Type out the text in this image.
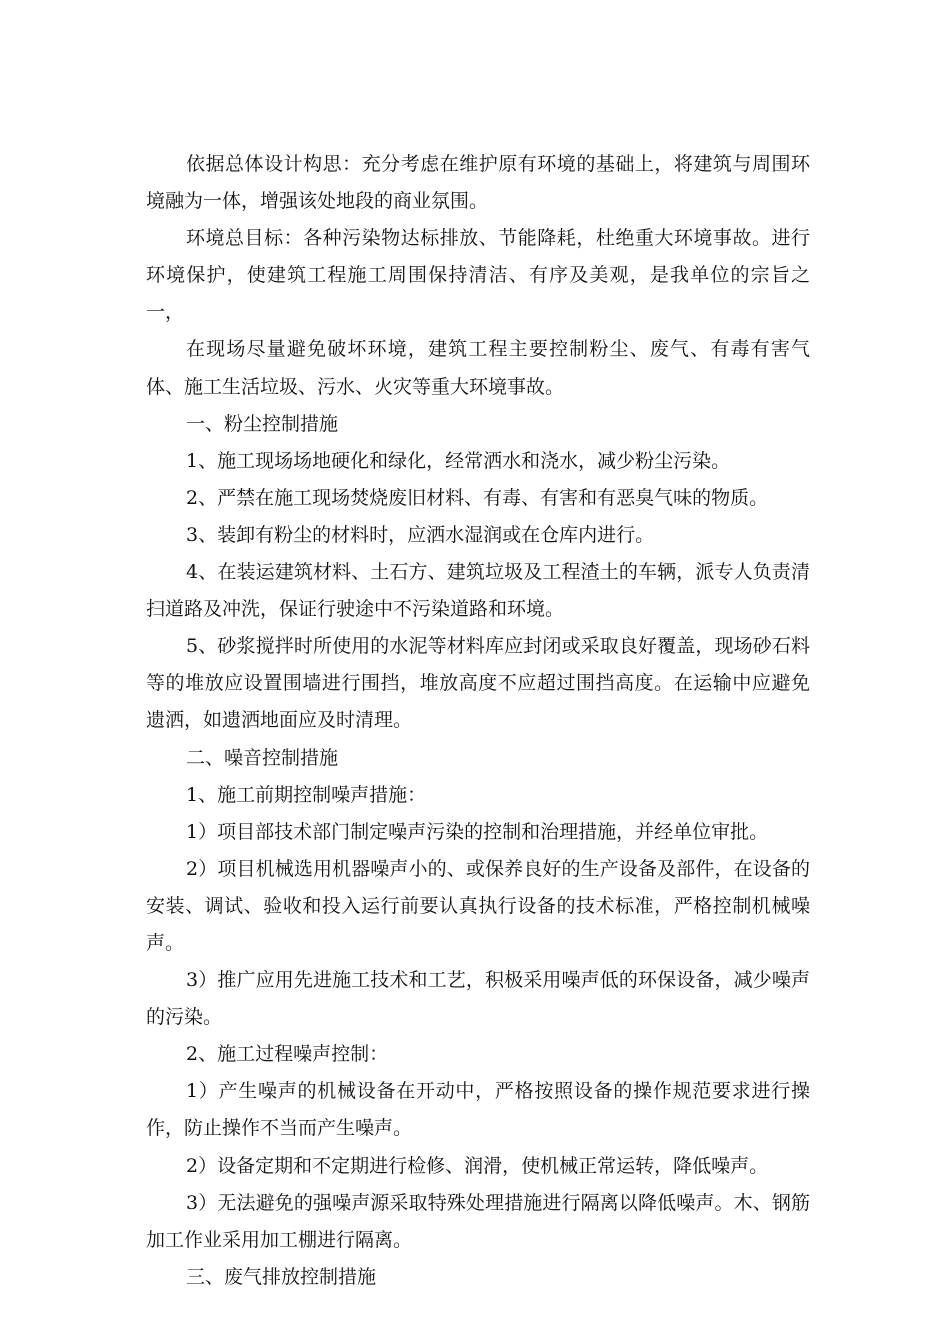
依据总体设计构思：充分考虑在维护原有环境的基础上，将建筑与周围环境融为一体，增强该处地段的商业氛围。

环境总目标：各种污染物达标排放、节能降耗，杜绝重大环境事故。进行环境保护，使建筑工程施工周围保持清洁、有序及美观，是我单位的宗旨之一，

在现场尽量避免破坏环境，建筑工程主要控制粉尘、废气、有毒有害气体、施工生活垃圾、污水、火灾等重大环境事故。

一、粉尘控制措施

1、施工现场场地硬化和绿化，经常洒水和浇水，减少粉尘污染。

2、严禁在施工现场焚烧废旧材料、有毒、有害和有恶臭气味的物质。

3、装卸有粉尘的材料时，应洒水湿润或在仓库内进行。

4、在装运建筑材料、土石方、建筑垃圾及工程渣土的车辆，派专人负责清扫道路及冲洗，保证行驶途中不污染道路和环境。

5、砂浆搅拌时所使用的水泥等材料库应封闭或采取良好覆盖，现场砂石料等的堆放应设置围墙进行围挡，堆放高度不应超过围挡高度。在运输中应避免遗洒，如遗洒地面应及时清理。

二、噪音控制措施

1、施工前期控制噪声措施：

1）项目部技术部门制定噪声污染的控制和治理措施，并经单位审批。

2）项目机械选用机器噪声小的、或保养良好的生产设备及部件，在设备的安装、调试、验收和投入运行前要认真执行设备的技术标准，严格控制机械噪声。

3）推广应用先进施工技术和工艺，积极采用噪声低的环保设备，减少噪声的污染。

2、施工过程噪声控制：

1）产生噪声的机械设备在开动中，严格按照设备的操作规范要求进行操作，防止操作不当而产生噪声。

2）设备定期和不定期进行检修、润滑，使机械正常运转，降低噪声。

3）无法避免的强噪声源采取特殊处理措施进行隔离以降低噪声。木、钢筋加工作业采用加工棚进行隔离。

三、废气排放控制措施
